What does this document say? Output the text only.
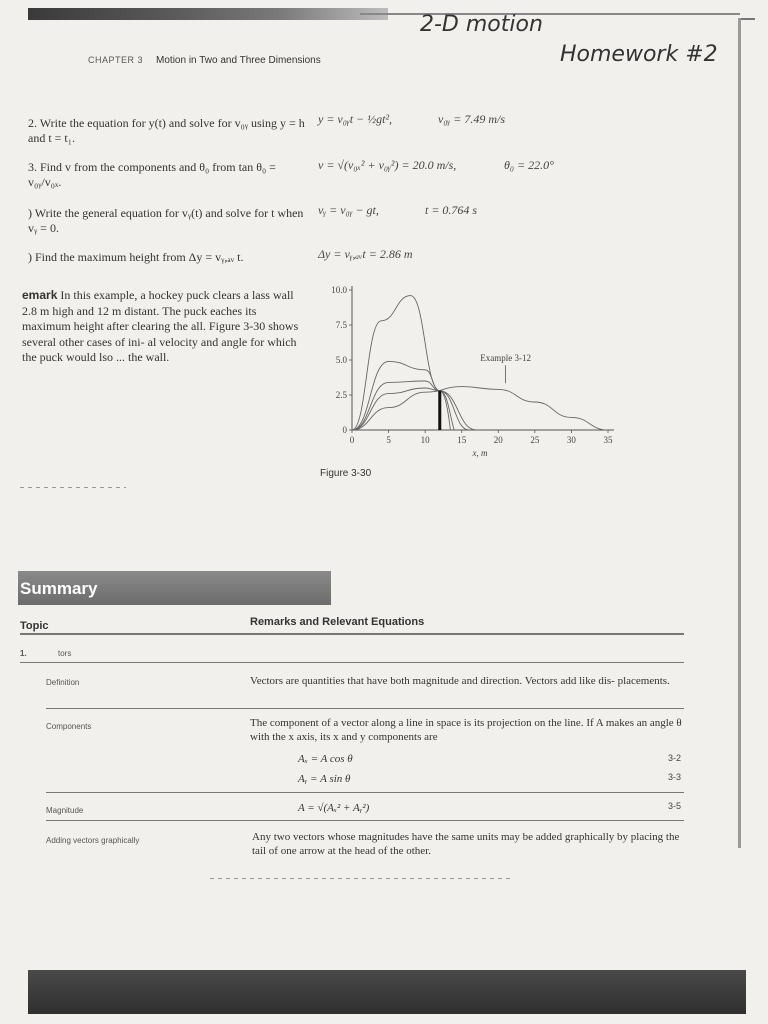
2-D motion
Homework #2
CHAPTER 3 Motion in Two and Three Dimensions
2. Write the equation for y(t) and solve for v₀ᵧ using y = h and t = t₁.
y = v₀ᵧt − ½gt²,	v₀ᵧ = 7.49 m/s
3. Find v from the components and θ₀ from tan θ₀ = v₀ᵧ/v₀ₓ.
v = √(v₀ₓ² + v₀ᵧ²) = 20.0 m/s,	θ₀ = 22.0°
) Write the general equation for vᵧ(t) and solve for t when vᵧ = 0.
vᵧ = v₀ᵧ − gt,	t = 0.764 s
) Find the maximum height from Δy = vᵧ,ₐᵥ t.	Δy = vᵧ,ₐᵥt = 2.86 m
emark In this example, a hockey puck clears a lass wall 2.8 m high and 12 m distant. The puck eaches its maximum height after clearing the all. Figure 3-30 shows several other cases of ini- al velocity and angle for which the puck would lso ... the wall.
0	5	10	15	20	25	30	35
0
2.5
5.0
7.5
10.0
x, m
Example 3-12
Figure 3-30
Summary
Topic	Remarks and Relevant Equations
1.	tors
Definition	Vectors are quantities that have both magnitude and direction. Vectors add like dis- placements.
Components	The component of a vector along a line in space is its projection on the line. If A makes an angle θ with the x axis, its x and y components are
Aₓ = A cos θ	3-2
Aᵧ = A sin θ	3-3
Magnitude	A = √(Aₓ² + Aᵧ²)	3-5
Adding vectors graphically	Any two vectors whose magnitudes have the same units may be added graphically by placing the tail of one arrow at the head of the other.
